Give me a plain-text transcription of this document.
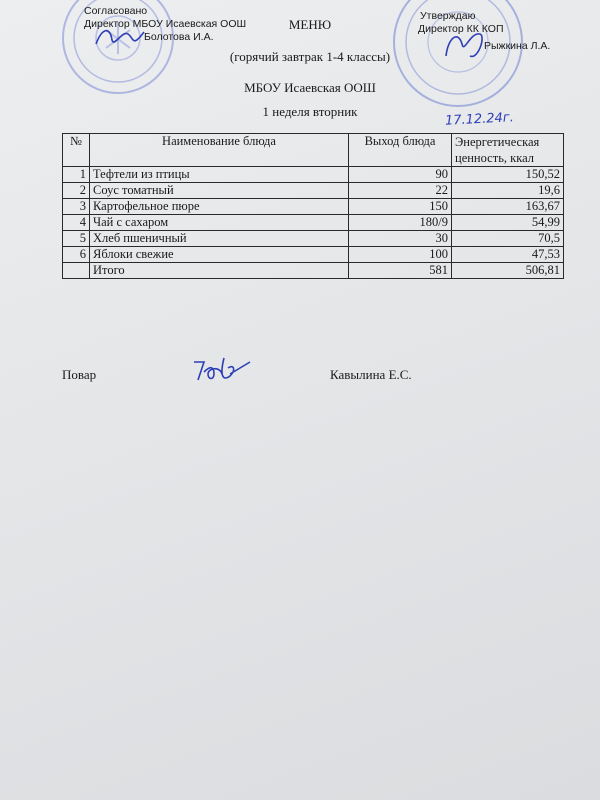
Согласовано
Директор МБОУ Исаевская ООШ
Болотова И.А.
Утверждаю
Директор КК КОП
Рыжкина Л.А.
МЕНЮ
(горячий завтрак 1-4 классы)
МБОУ Исаевская ООШ
1 неделя вторник	17.12.24г.
№	Наименование блюда	Выход блюда	Энергетическая ценность, ккал
1	Тефтели из птицы	90	150,52
2	Соус томатный	22	19,6
3	Картофельное пюре	150	163,67
4	Чай с сахаром	180/9	54,99
5	Хлеб пшеничный	30	70,5
6	Яблоки свежие	100	47,53
	Итого	581	506,81
Повар	Кавылина Е.С.
